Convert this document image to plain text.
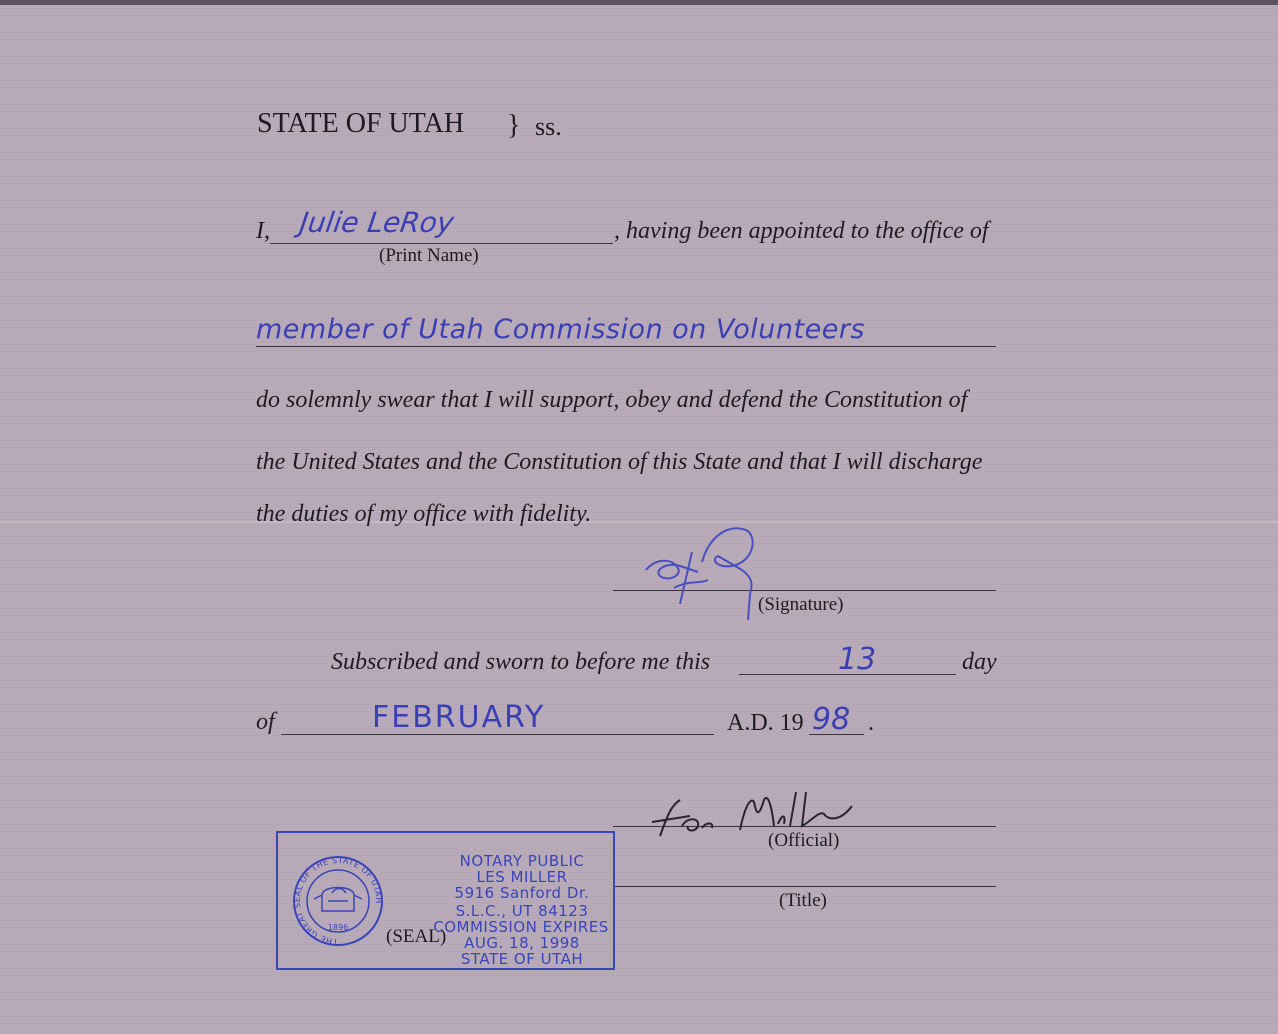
STATE OF UTAH } ss.
I, Julie LeRoy	, having been appointed to the office of
(Print Name)
member of Utah Commission on Volunteers
do solemnly swear that I will support, obey and defend the Constitution of
the United States and the Constitution of this State and that I will discharge
the duties of my office with fidelity.
(Signature)
Subscribed and sworn to before me this	13	day
of	FEBRUARY	A.D. 19 98 .
(Official)
(Title)
THE GREAT SEAL OF THE STATE OF UTAH
1896
NOTARY PUBLIC
LES MILLER
5916 Sanford Dr.
S.L.C., UT 84123
COMMISSION EXPIRES
AUG. 18, 1998
STATE OF UTAH
(SEAL)
